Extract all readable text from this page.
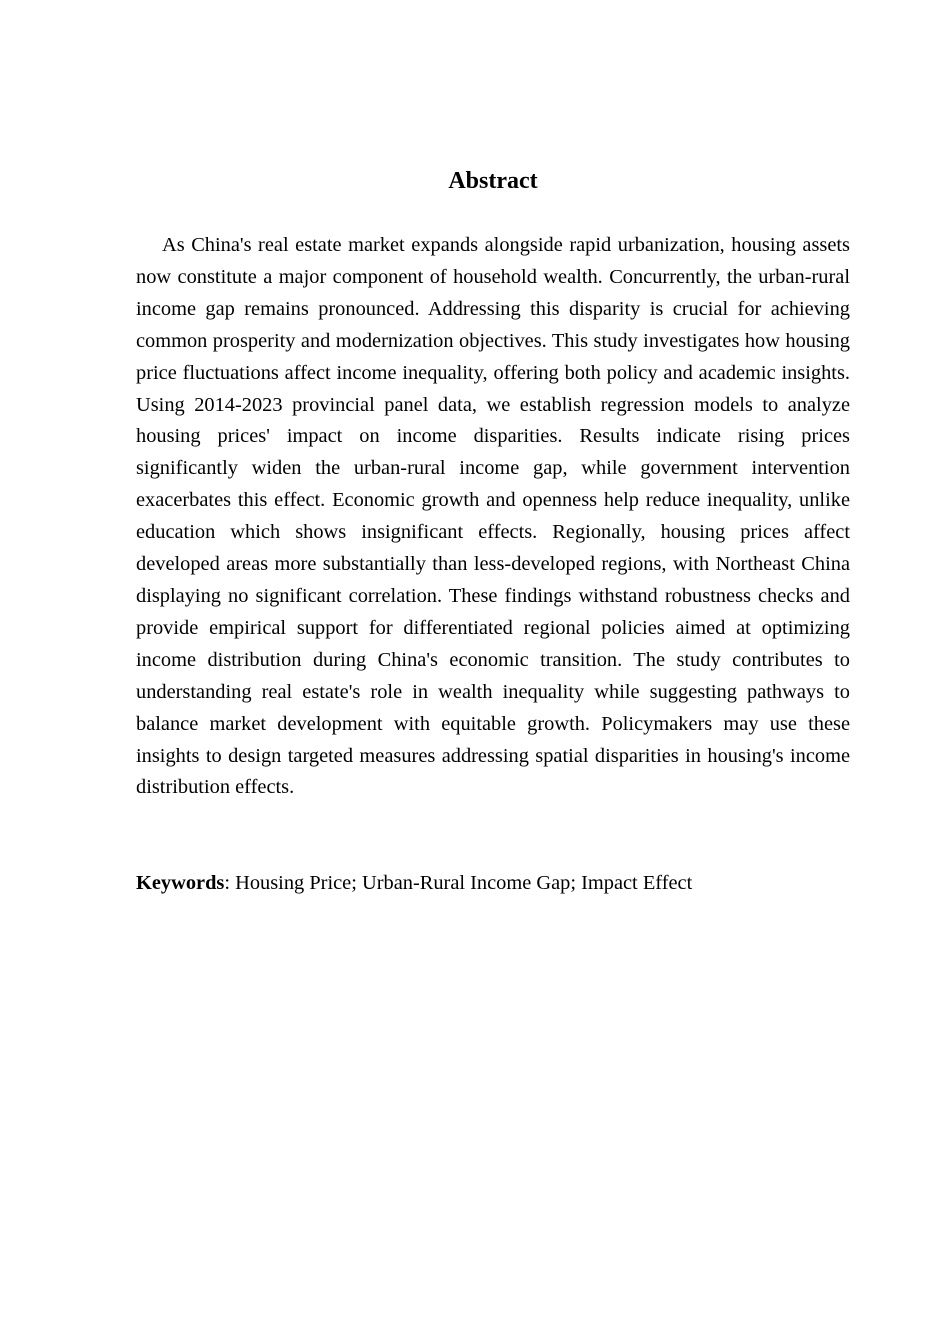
Abstract

As China's real estate market expands alongside rapid urbanization, housing assets now constitute a major component of household wealth. Concurrently, the urban-rural income gap remains pronounced. Addressing this disparity is crucial for achieving common prosperity and modernization objectives. This study investigates how housing price fluctuations affect income inequality, offering both policy and academic insights. Using 2014-2023 provincial panel data, we establish regression models to analyze housing prices' impact on income disparities. Results indicate rising prices significantly widen the urban-rural income gap, while government intervention exacerbates this effect. Economic growth and openness help reduce inequality, unlike education which shows insignificant effects. Regionally, housing prices affect developed areas more substantially than less-developed regions, with Northeast China displaying no significant correlation. These findings withstand robustness checks and provide empirical support for differentiated regional policies aimed at optimizing income distribution during China's economic transition. The study contributes to understanding real estate's role in wealth inequality while suggesting pathways to balance market development with equitable growth. Policymakers may use these insights to design targeted measures addressing spatial disparities in housing's income distribution effects.

Keywords: Housing Price; Urban-Rural Income Gap; Impact Effect
